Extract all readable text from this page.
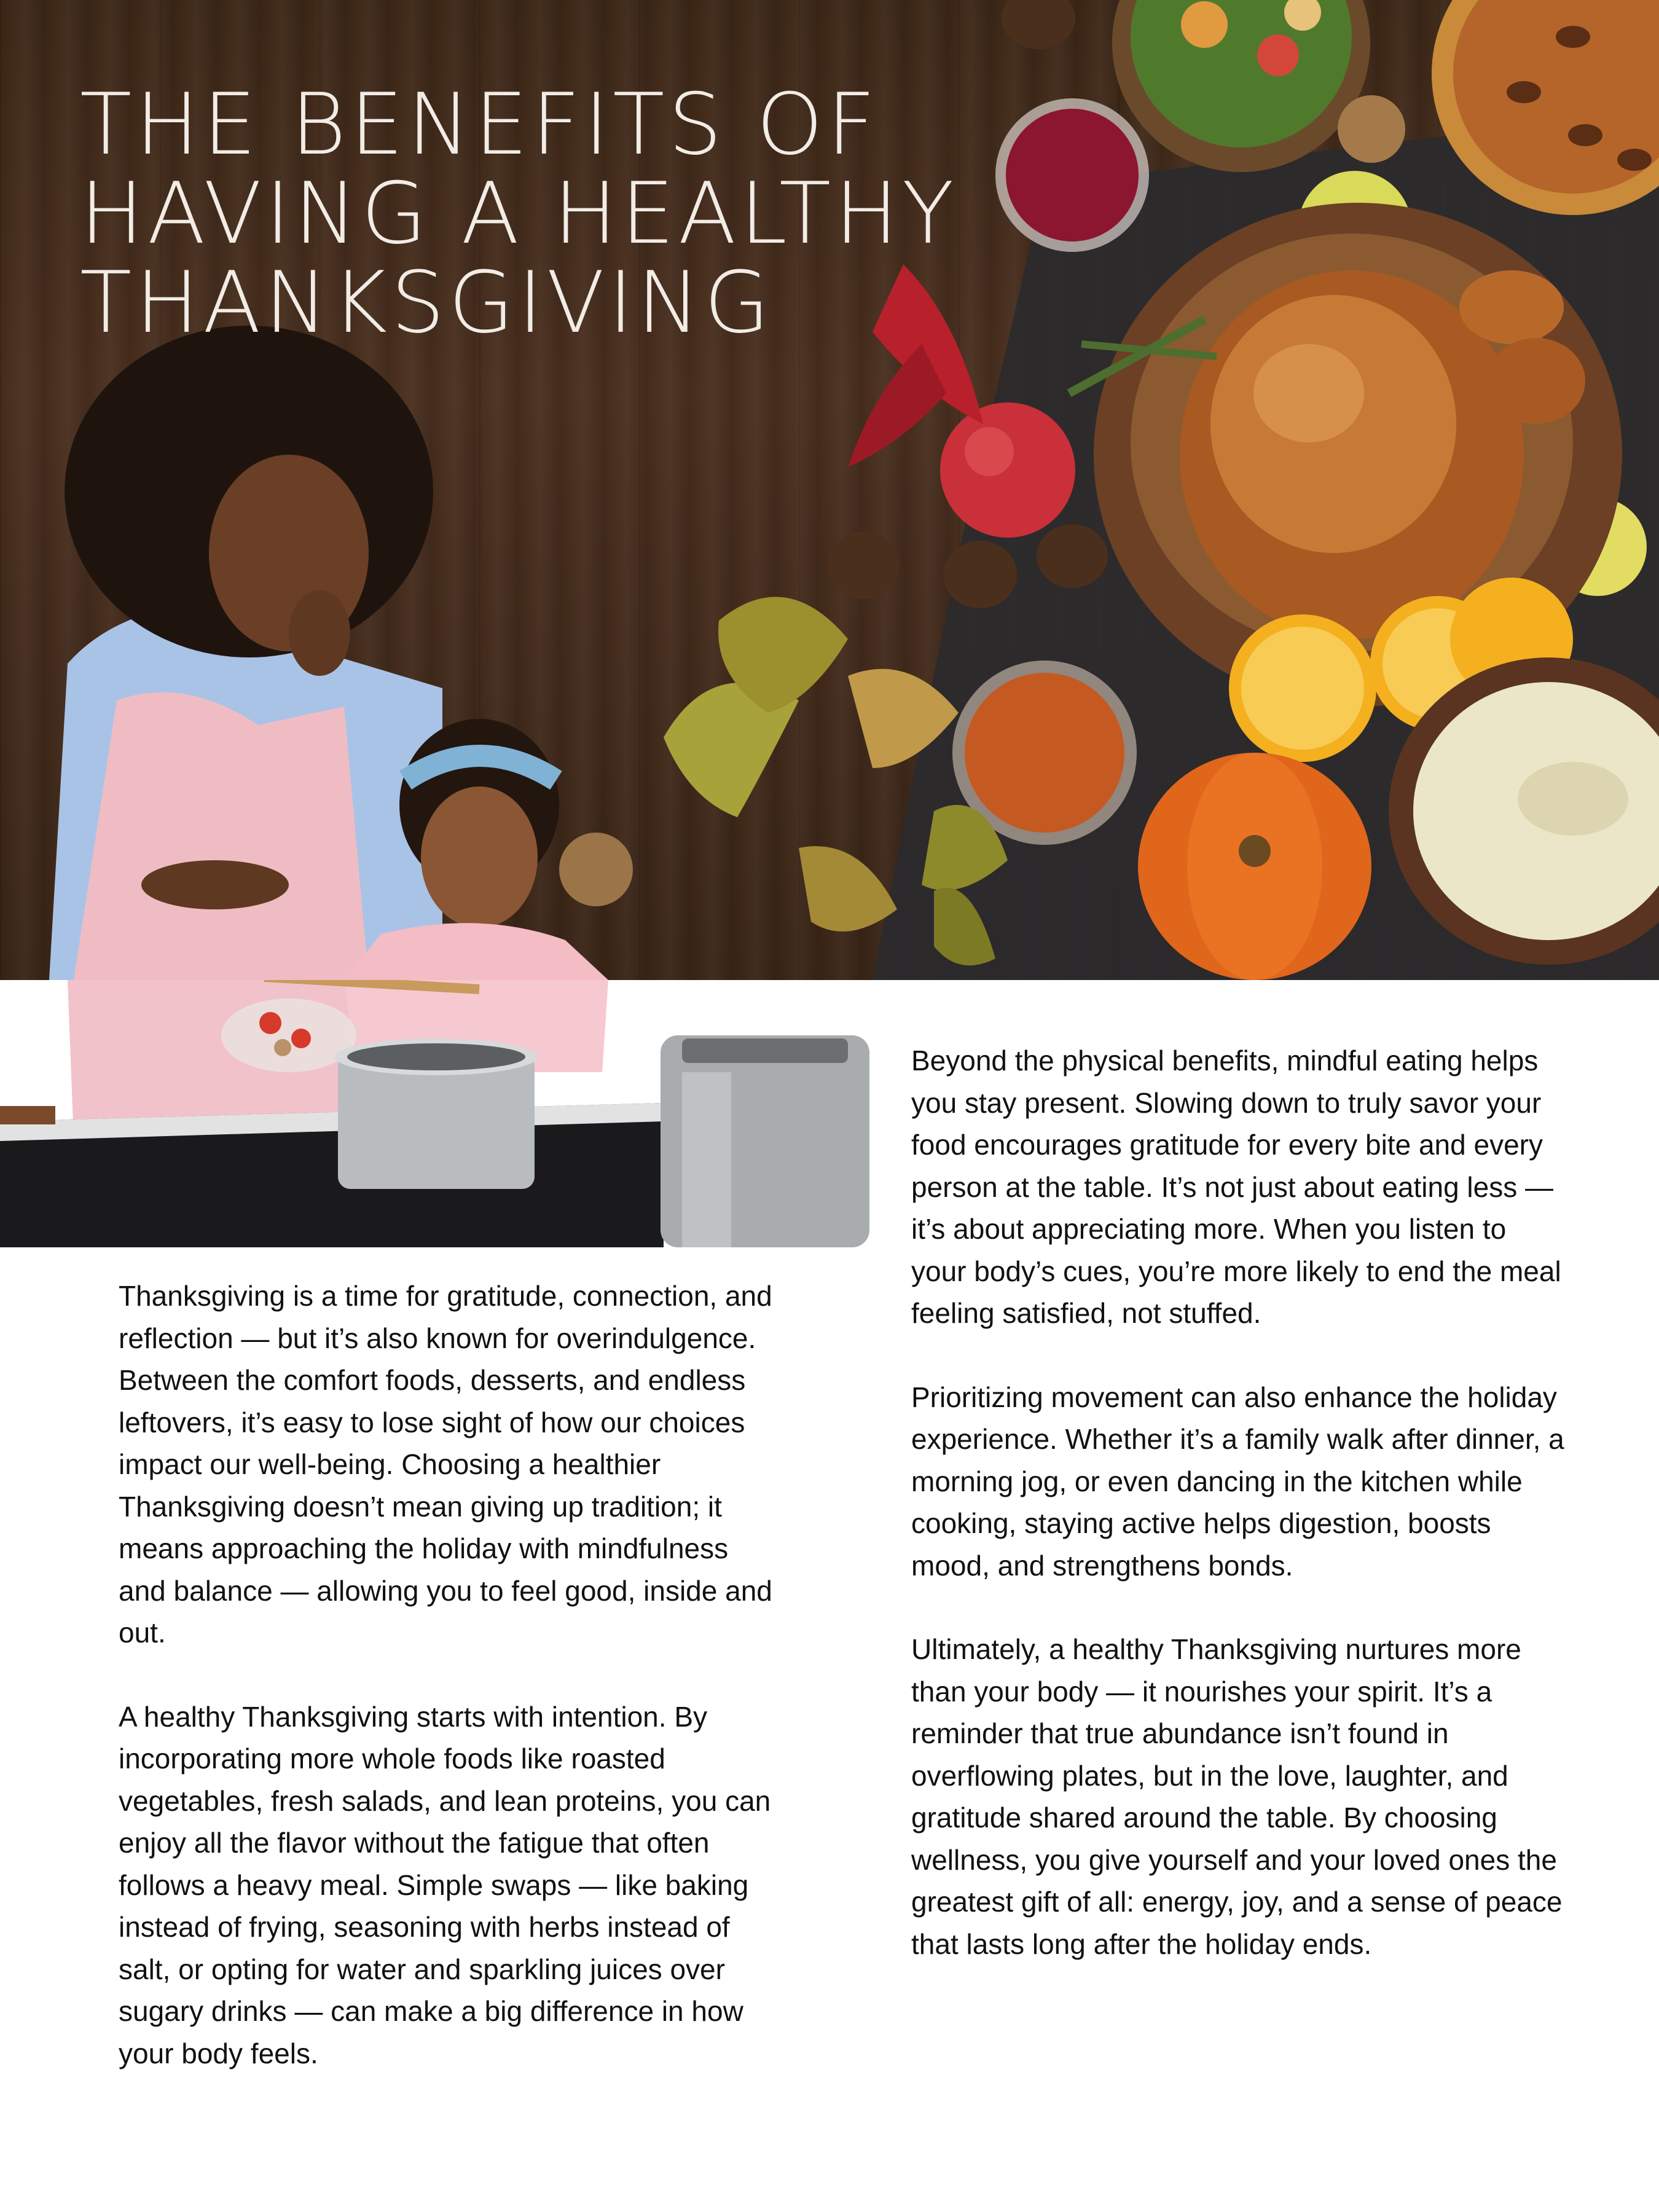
THE BENEFITS OF
HAVING A HEALTHY
THANKSGIVING

Thanksgiving is a time for gratitude, connection, and reflection — but it’s also known for overindulgence. Between the comfort foods, desserts, and endless leftovers, it’s easy to lose sight of how our choices impact our well-being. Choosing a healthier Thanksgiving doesn’t mean giving up tradition; it means approaching the holiday with mindfulness and balance — allowing you to feel good, inside and out.

A healthy Thanksgiving starts with intention. By incorporating more whole foods like roasted vegetables, fresh salads, and lean proteins, you can enjoy all the flavor without the fatigue that often follows a heavy meal. Simple swaps — like baking instead of frying, seasoning with herbs instead of salt, or opting for water and sparkling juices over sugary drinks — can make a big difference in how your body feels.

Beyond the physical benefits, mindful eating helps you stay present. Slowing down to truly savor your food encourages gratitude for every bite and every person at the table. It’s not just about eating less — it’s about appreciating more. When you listen to your body’s cues, you’re more likely to end the meal feeling satisfied, not stuffed.

Prioritizing movement can also enhance the holiday experience. Whether it’s a family walk after dinner, a morning jog, or even dancing in the kitchen while cooking, staying active helps digestion, boosts mood, and strengthens bonds.

Ultimately, a healthy Thanksgiving nurtures more than your body — it nourishes your spirit. It’s a reminder that true abundance isn’t found in overflowing plates, but in the love, laughter, and gratitude shared around the table. By choosing wellness, you give yourself and your loved ones the greatest gift of all: energy, joy, and a sense of peace that lasts long after the holiday ends.
